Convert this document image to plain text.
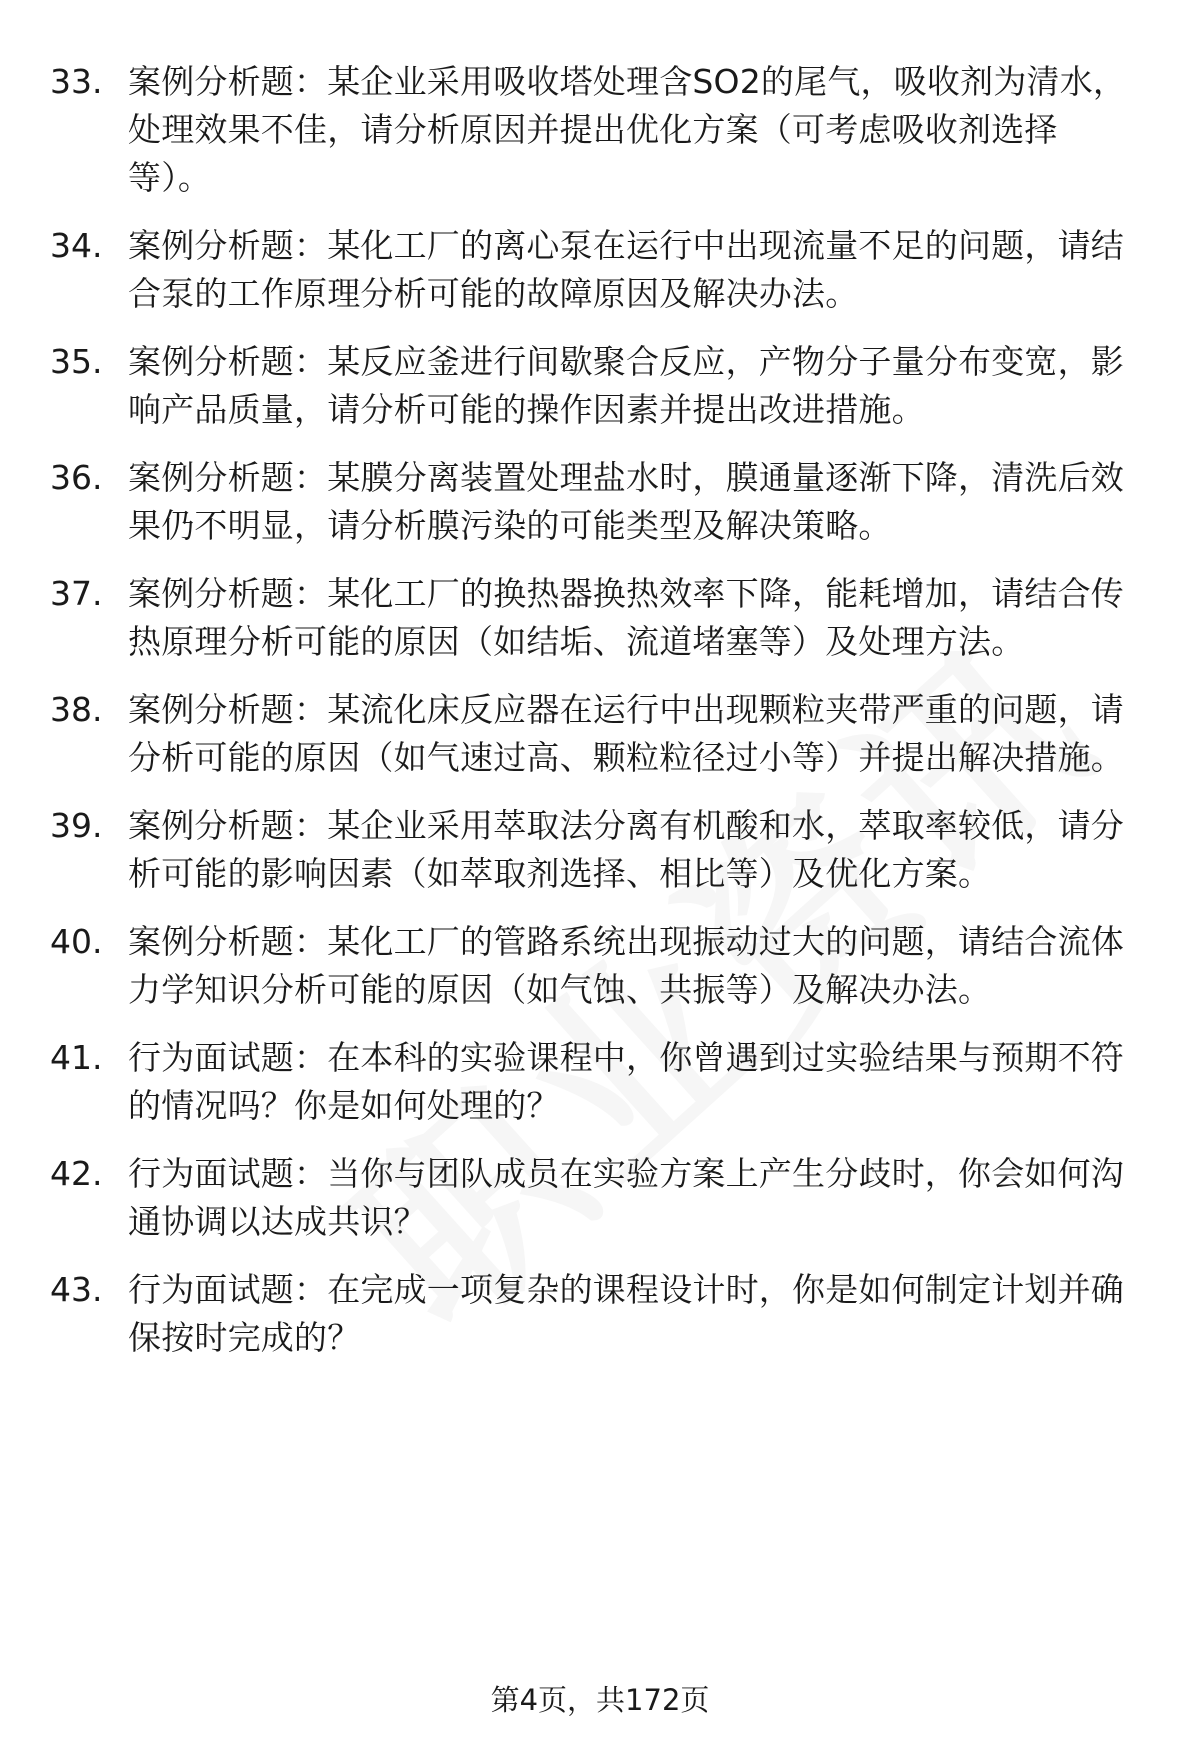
33. 案例分析题：某企业采用吸收塔处理含SO2的尾气，吸收剂为清水，处理效果不佳，请分析原因并提出优化方案（可考虑吸收剂选择等）。
34. 案例分析题：某化工厂的离心泵在运行中出现流量不足的问题，请结合泵的工作原理分析可能的故障原因及解决办法。
35. 案例分析题：某反应釜进行间歇聚合反应，产物分子量分布变宽，影响产品质量，请分析可能的操作因素并提出改进措施。
36. 案例分析题：某膜分离装置处理盐水时，膜通量逐渐下降，清洗后效果仍不明显，请分析膜污染的可能类型及解决策略。
37. 案例分析题：某化工厂的换热器换热效率下降，能耗增加，请结合传热原理分析可能的原因（如结垢、流道堵塞等）及处理方法。
38. 案例分析题：某流化床反应器在运行中出现颗粒夹带严重的问题，请分析可能的原因（如气速过高、颗粒粒径过小等）并提出解决措施。
39. 案例分析题：某企业采用萃取法分离有机酸和水，萃取率较低，请分析可能的影响因素（如萃取剂选择、相比等）及优化方案。
40. 案例分析题：某化工厂的管路系统出现振动过大的问题，请结合流体力学知识分析可能的原因（如气蚀、共振等）及解决办法。
41. 行为面试题：在本科的实验课程中，你曾遇到过实验结果与预期不符的情况吗？你是如何处理的？
42. 行为面试题：当你与团队成员在实验方案上产生分歧时，你会如何沟通协调以达成共识？
43. 行为面试题：在完成一项复杂的课程设计时，你是如何制定计划并确保按时完成的？
第4页，共172页
